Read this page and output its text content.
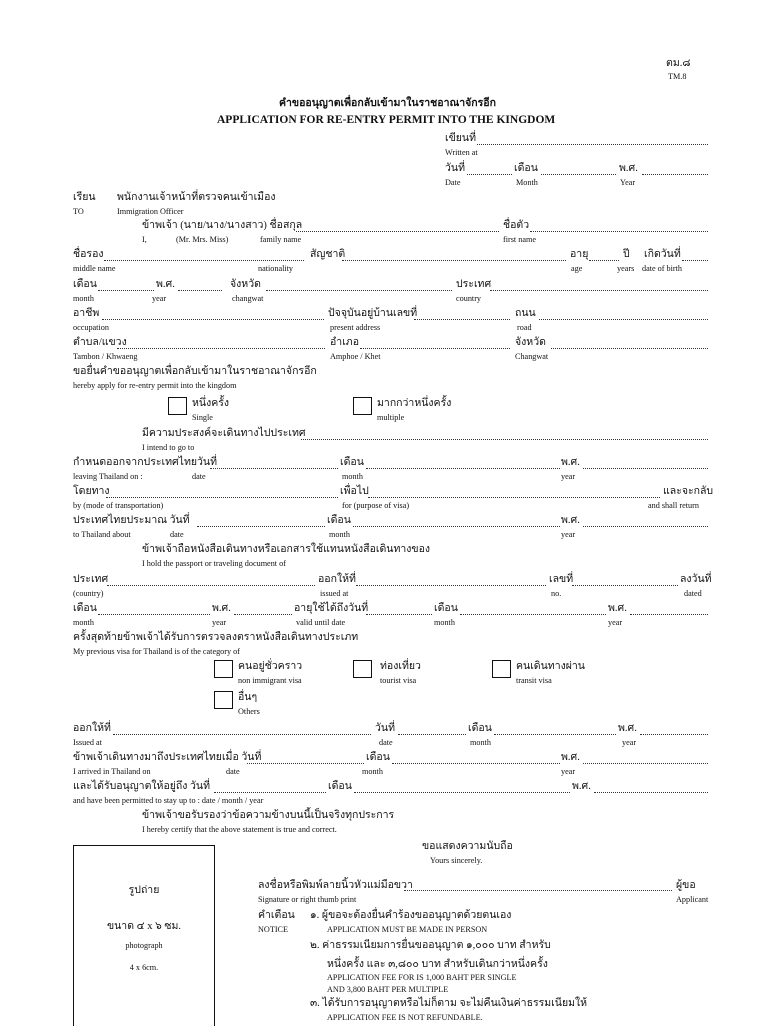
ตม.๘
TM.8
คำขออนุญาตเพื่อกลับเข้ามาในราชอาณาจักรอีก
APPLICATION FOR RE-ENTRY PERMIT INTO THE KINGDOM
เขียนที่
Written at
วันที่	เดือน	พ.ศ.
Date	Month	Year
เรียน พนักงานเจ้าหน้าที่ตรวจคนเข้าเมือง
TO	Immigration Officer
ข้าพเจ้า (นาย/นาง/นางสาว) ชื่อสกุล	ชื่อตัว
I,	(Mr. Mrs. Miss)	family name	first name
ชื่อรอง	สัญชาติ	อายุ	ปี เกิดวันที่
middle name	nationality	age	years date of birth
เดือน	พ.ศ.	จังหวัด	ประเทศ
month	year	changwat	country
อาชีพ	ปัจจุบันอยู่บ้านเลขที่	ถนน
occupation	present address	road
ตำบล/แขวง	อำเภอ	จังหวัด
Tambon / Khwaeng	Amphoe / Khet	Changwat
ขอยื่นคำขออนุญาตเพื่อกลับเข้ามาในราชอาณาจักรอีก
hereby apply for re-entry permit into the kingdom
หนึ่งครั้ง
Single
มากกว่าหนึ่งครั้ง
multiple
มีความประสงค์จะเดินทางไปประเทศ
I intend to go to
กำหนดออกจากประเทศไทยวันที่	เดือน	พ.ศ.
leaving Thailand on :	date	month	year
โดยทาง	เพื่อไป	และจะกลับ
by (mode of transportation)	for (purpose of visa)	and shall return
ประเทศไทยประมาณ วันที่	เดือน	พ.ศ.
to Thailand about	date	month	year
ข้าพเจ้าถือหนังสือเดินทางหรือเอกสารใช้แทนหนังสือเดินทางของ
I hold the passport or traveling document of
ประเทศ	ออกให้ที่	เลขที่	ลงวันที่
(country)	issued at	no.	dated
เดือน	พ.ศ.	อายุใช้ได้ถึงวันที่	เดือน	พ.ศ.
month	year	valid until date	month	year
ครั้งสุดท้ายข้าพเจ้าได้รับการตรวจลงตราหนังสือเดินทางประเภท
My previous visa for Thailand is of the category of
คนอยู่ชั่วคราว
non immigrant visa
ท่องเที่ยว
tourist visa
คนเดินทางผ่าน
transit visa
อื่นๆ
Others
ออกให้ที่	วันที่	เดือน	พ.ศ.
Issued at	date	month	year
ข้าพเจ้าเดินทางมาถึงประเทศไทยเมื่อ วันที่	เดือน	พ.ศ.
I arrived in Thailand on	date	month	year
และได้รับอนุญาตให้อยู่ถึง วันที่	เดือน	พ.ศ.
and have been permitted to stay up to : date / month / year
ข้าพเจ้าขอรับรองว่าข้อความข้างบนนี้เป็นจริงทุกประการ
I hereby certify that the above statement is true and correct.
ขอแสดงความนับถือ
Yours sincerely.
รูปถ่าย
ขนาด ๔ x ๖ ซม.
photograph
4 x 6cm.
ลงชื่อหรือพิมพ์ลายนิ้วหัวแม่มือขวา	ผู้ขอ
Signature or right thumb print	Applicant
คำเตือน
NOTICE
๑. ผู้ขอจะต้องยื่นคำร้องขออนุญาตด้วยตนเอง
APPLICATION MUST BE MADE IN PERSON
๒. ค่าธรรมเนียมการยื่นขออนุญาต ๑,๐๐๐ บาท สำหรับ
หนึ่งครั้ง และ ๓,๘๐๐ บาท สำหรับเดินกว่าหนึ่งครั้ง
APPLICATION FEE FOR IS 1,000 BAHT PER SINGLE
AND 3,800 BAHT PER MULTIPLE
๓. ได้รับการอนุญาตหรือไม่ก็ตาม จะไม่คืนเงินค่าธรรมเนียมให้
APPLICATION FEE IS NOT REFUNDABLE.
